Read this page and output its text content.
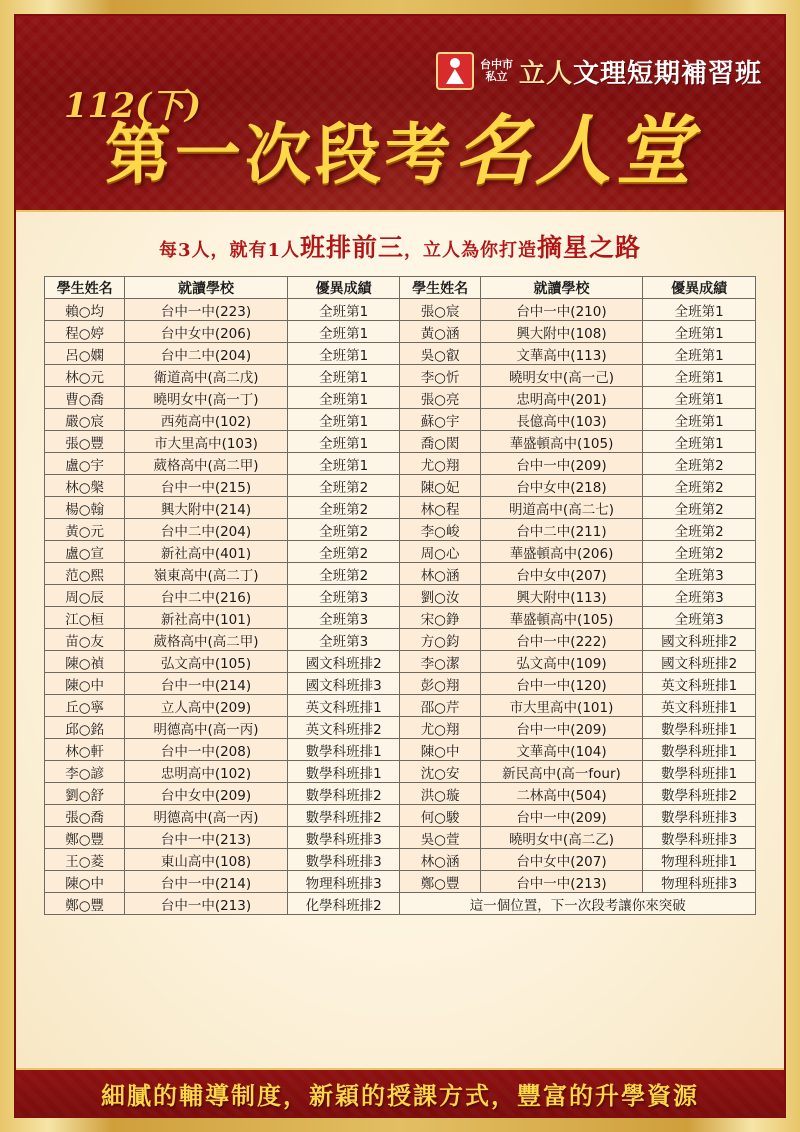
112(下)
台中市
私立 立人文理短期補習班
第一次段考名人堂
每3人，就有1人班排前三，立人為你打造摘星之路
學生姓名	就讀學校	優異成績	學生姓名	就讀學校	優異成績
賴○均	台中一中(223)	全班第1	張○宸	台中一中(210)	全班第1
程○婷	台中女中(206)	全班第1	黃○涵	興大附中(108)	全班第1
呂○嫻	台中二中(204)	全班第1	吳○叡	文華高中(113)	全班第1
林○元	衛道高中(高二戊)	全班第1	李○忻	曉明女中(高一己)	全班第1
曹○喬	曉明女中(高一丁)	全班第1	張○亮	忠明高中(201)	全班第1
嚴○宸	西苑高中(102)	全班第1	蘇○宇	長億高中(103)	全班第1
張○豐	市大里高中(103)	全班第1	喬○閎	華盛頓高中(105)	全班第1
盧○宇	葳格高中(高二甲)	全班第1	尤○翔	台中一中(209)	全班第2
林○槃	台中一中(215)	全班第2	陳○妃	台中女中(218)	全班第2
楊○翰	興大附中(214)	全班第2	林○程	明道高中(高二七)	全班第2
黃○元	台中二中(204)	全班第2	李○峻	台中二中(211)	全班第2
盧○宣	新社高中(401)	全班第2	周○心	華盛頓高中(206)	全班第2
范○熙	嶺東高中(高二丁)	全班第2	林○涵	台中女中(207)	全班第3
周○辰	台中二中(216)	全班第3	劉○汝	興大附中(113)	全班第3
江○桓	新社高中(101)	全班第3	宋○錚	華盛頓高中(105)	全班第3
苗○友	葳格高中(高二甲)	全班第3	方○鈞	台中一中(222)	國文科班排2
陳○禎	弘文高中(105)	國文科班排2	李○潔	弘文高中(109)	國文科班排2
陳○中	台中一中(214)	國文科班排3	彭○翔	台中一中(120)	英文科班排1
丘○寧	立人高中(209)	英文科班排1	邵○芹	市大里高中(101)	英文科班排1
邱○銘	明德高中(高一丙)	英文科班排2	尤○翔	台中一中(209)	數學科班排1
林○軒	台中一中(208)	數學科班排1	陳○中	文華高中(104)	數學科班排1
李○諺	忠明高中(102)	數學科班排1	沈○安	新民高中(高一four)	數學科班排1
劉○舒	台中女中(209)	數學科班排2	洪○璇	二林高中(504)	數學科班排2
張○喬	明德高中(高一丙)	數學科班排2	何○駿	台中一中(209)	數學科班排3
鄭○豐	台中一中(213)	數學科班排3	吳○萱	曉明女中(高二乙)	數學科班排3
王○菱	東山高中(108)	數學科班排3	林○涵	台中女中(207)	物理科班排1
陳○中	台中一中(214)	物理科班排3	鄭○豐	台中一中(213)	物理科班排3
鄭○豐	台中一中(213)	化學科班排2	這一個位置，下一次段考讓你來突破		
細膩的輔導制度，新穎的授課方式，豐富的升學資源
